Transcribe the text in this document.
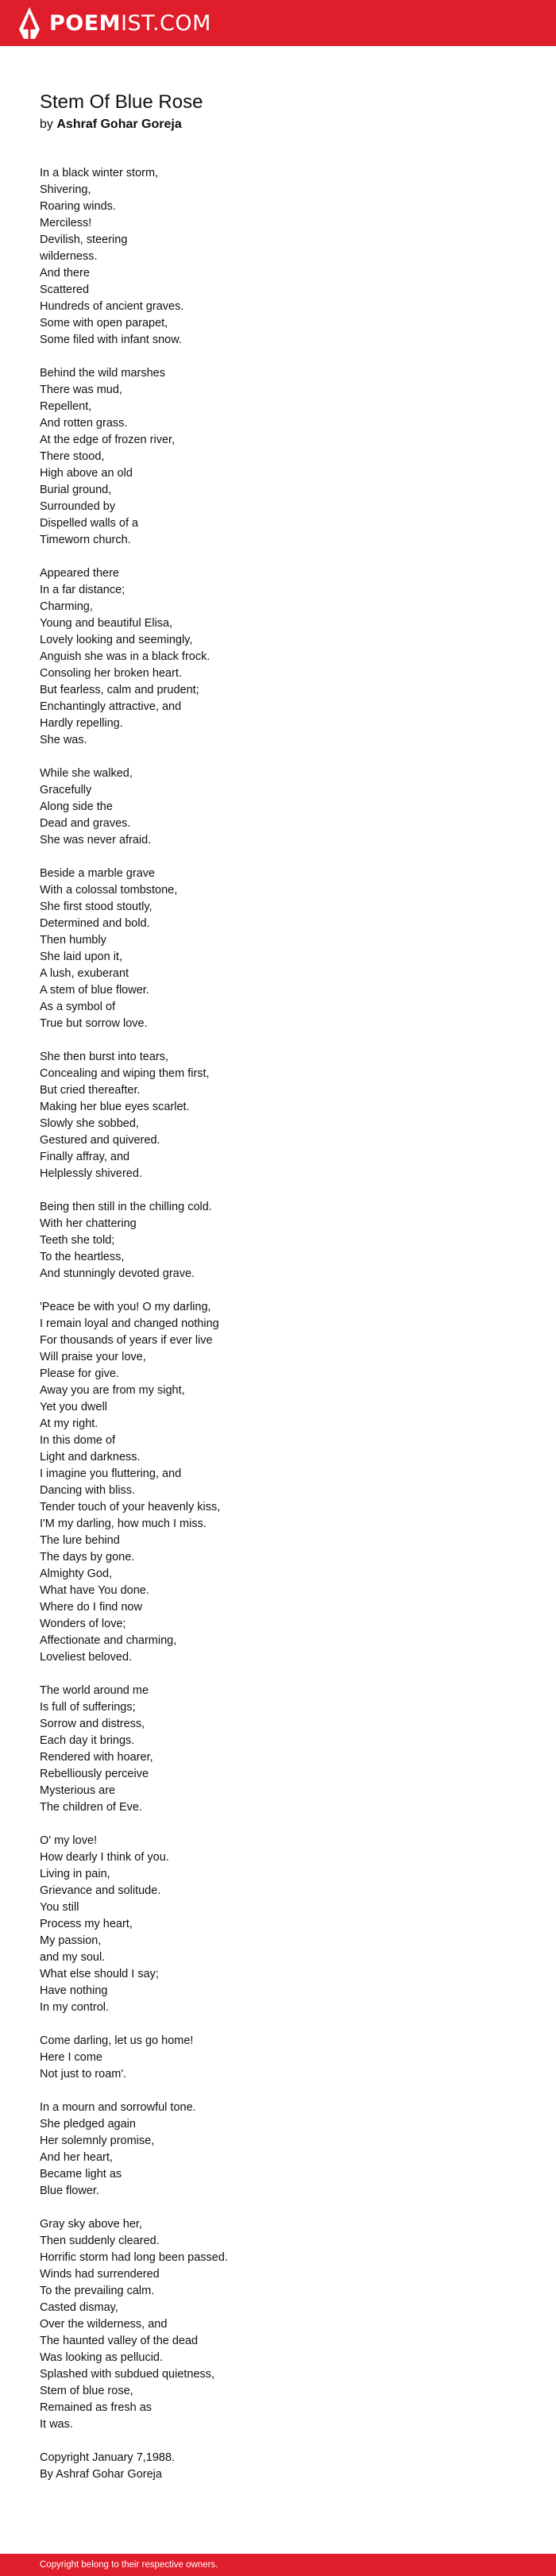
POEMIST.COM
Stem Of Blue Rose

by Ashraf Gohar Goreja

In a black winter storm,
Shivering,
Roaring winds.
Merciless!
Devilish, steering
wilderness.
And there
Scattered
Hundreds of ancient graves.
Some with open parapet,
Some filed with infant snow.

Behind the wild marshes
There was mud,
Repellent,
And rotten grass.
At the edge of frozen river,
There stood,
High above an old
Burial ground,
Surrounded by
Dispelled walls of a
Timeworn church.

Appeared there
In a far distance;
Charming,
Young and beautiful Elisa,
Lovely looking and seemingly,
Anguish she was in a black frock.
Consoling her broken heart.
But fearless, calm and prudent;
Enchantingly attractive, and
Hardly repelling.
She was.

While she walked,
Gracefully
Along side the
Dead and graves.
She was never afraid.

Beside a marble grave
With a colossal tombstone,
She first stood stoutly,
Determined and bold.
Then humbly
She laid upon it,
A lush, exuberant
A stem of blue flower.
As a symbol of
True but sorrow love.

She then burst into tears,
Concealing and wiping them first,
But cried thereafter.
Making her blue eyes scarlet.
Slowly she sobbed,
Gestured and quivered.
Finally affray, and
Helplessly shivered.

Being then still in the chilling cold.
With her chattering
Teeth she told;
To the heartless,
And stunningly devoted grave.

'Peace be with you! O my darling,
I remain loyal and changed nothing
For thousands of years if ever live
Will praise your love,
Please for give.
Away you are from my sight,
Yet you dwell
At my right.
In this dome of
Light and darkness.
I imagine you fluttering, and
Dancing with bliss.
Tender touch of your heavenly kiss,
I'M my darling, how much I miss.
The lure behind
The days by gone.
Almighty God,
What have You done.
Where do I find now
Wonders of love;
Affectionate and charming,
Loveliest beloved.

The world around me
Is full of sufferings;
Sorrow and distress,
Each day it brings.
Rendered with hoarer,
Rebelliously perceive
Mysterious are
The children of Eve.

O' my love!
How dearly I think of you.
Living in pain,
Grievance and solitude.
You still
Process my heart,
My passion,
and my soul.
What else should I say;
Have nothing
In my control.

Come darling, let us go home!
Here I come
Not just to roam'.

In a mourn and sorrowful tone.
She pledged again
Her solemnly promise,
And her heart,
Became light as
Blue flower.

Gray sky above her,
Then suddenly cleared.
Horrific storm had long been passed.
Winds had surrendered
To the prevailing calm.
Casted dismay,
Over the wilderness, and
The haunted valley of the dead
Was looking as pellucid.
Splashed with subdued quietness,
Stem of blue rose,
Remained as fresh as
It was.

Copyright January 7,1988.
By Ashraf Gohar Goreja

Copyright belong to their respective owners.
